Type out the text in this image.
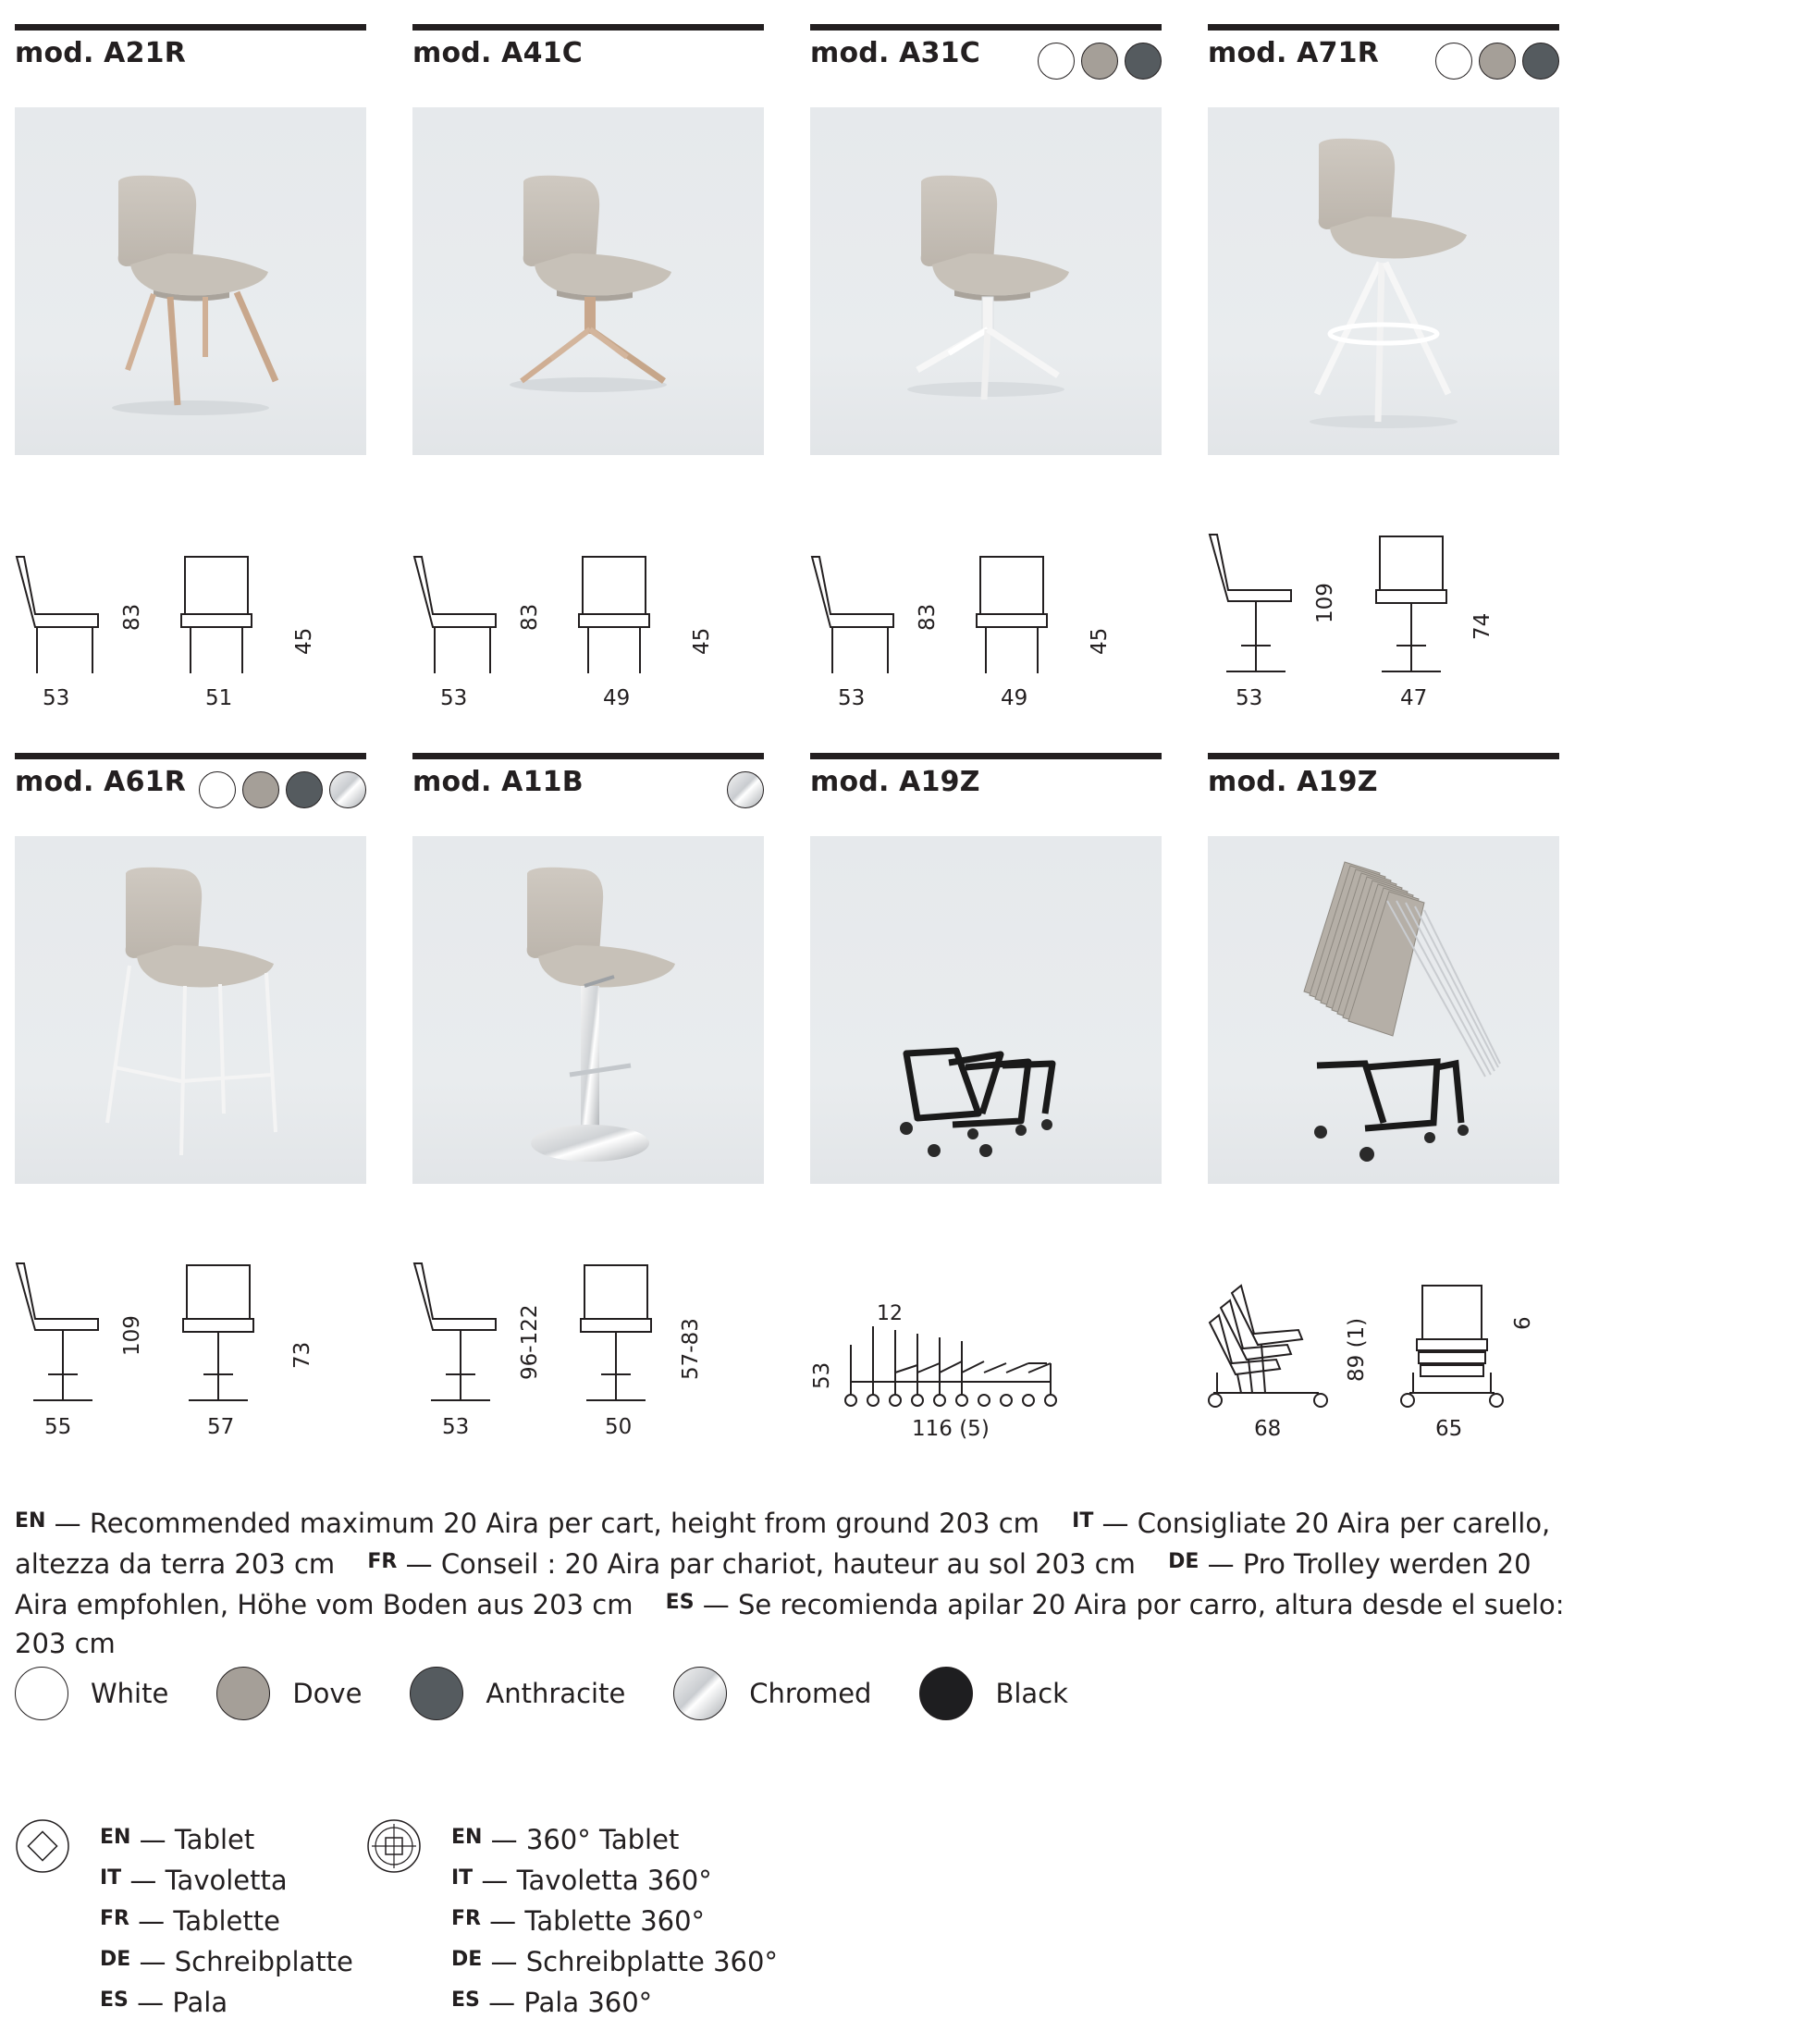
mod. A21R
83
45
53	51
mod. A41C
83
45
53	49
mod. A31C
83
45
53	49
mod. A71R
109
74
53	47
mod. A61R
109	73
55	57
mod. A11B
96-122	57-83
53	50
mod. A19Z
12
53
116 (5)
mod. A19Z
89 (1)	6
68	65
$^{EN}$ — Recommended maximum 20 Aira per cart, height from ground 203 cm $^{IT}$ — Consigliate 20 Aira per carello, altezza da terra 203 cm $^{FR}$ — Conseil : 20 Aira par chariot, hauteur au sol 203 cm $^{DE}$ — Pro Trolley werden 20 Aira empfohlen, Höhe vom Boden aus 203 cm $^{ES}$ — Se recomienda apilar 20 Aira por carro, altura desde el suelo: 203 cm
White	Dove	Anthracite	Chromed	Black
$^{EN}$ — Tablet
$^{IT}$ — Tavoletta
$^{FR}$ — Tablette
$^{DE}$ — Schreibplatte
$^{ES}$ — Pala
$^{EN}$ — 360° Tablet
$^{IT}$ — Tavoletta 360°
$^{FR}$ — Tablette 360°
$^{DE}$ — Schreibplatte 360°
$^{ES}$ — Pala 360°
